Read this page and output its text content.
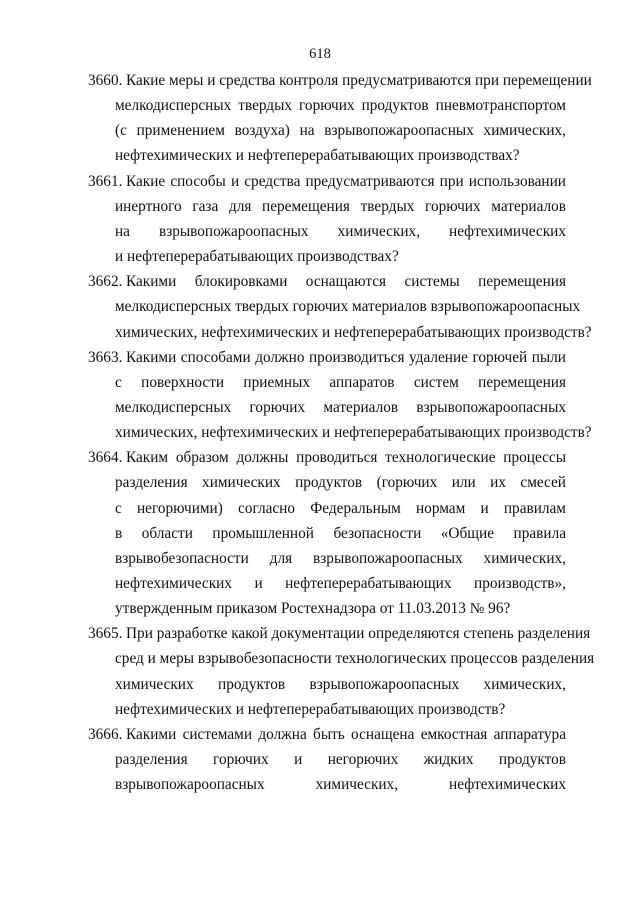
618
3660. Какие меры и средства контроля предусматриваются при перемещении
мелкодисперсных твердых горючих продуктов пневмотранспортом
(с применением воздуха) на взрывопожароопасных химических,
нефтехимических и нефтеперерабатывающих производствах?
3661. Какие способы и средства предусматриваются при использовании
инертного газа для перемещения твердых горючих материалов
на взрывопожароопасных химических, нефтехимических
и нефтеперерабатывающих производствах?
3662. Какими блокировками оснащаются системы перемещения
мелкодисперсных твердых горючих материалов взрывопожароопасных
химических, нефтехимических и нефтеперерабатывающих производств?
3663. Какими способами должно производиться удаление горючей пыли
с поверхности приемных аппаратов систем перемещения
мелкодисперсных горючих материалов взрывопожароопасных
химических, нефтехимических и нефтеперерабатывающих производств?
3664. Каким образом должны проводиться технологические процессы
разделения химических продуктов (горючих или их смесей
с негорючими) согласно Федеральным нормам и правилам
в области промышленной безопасности «Общие правила
взрывобезопасности для взрывопожароопасных химических,
нефтехимических и нефтеперерабатывающих производств»,
утвержденным приказом Ростехнадзора от 11.03.2013 № 96?
3665. При разработке какой документации определяются степень разделения
сред и меры взрывобезопасности технологических процессов разделения
химических продуктов взрывопожароопасных химических,
нефтехимических и нефтеперерабатывающих производств?
3666. Какими системами должна быть оснащена емкостная аппаратура
разделения горючих и негорючих жидких продуктов
взрывопожароопасных химических, нефтехимических
